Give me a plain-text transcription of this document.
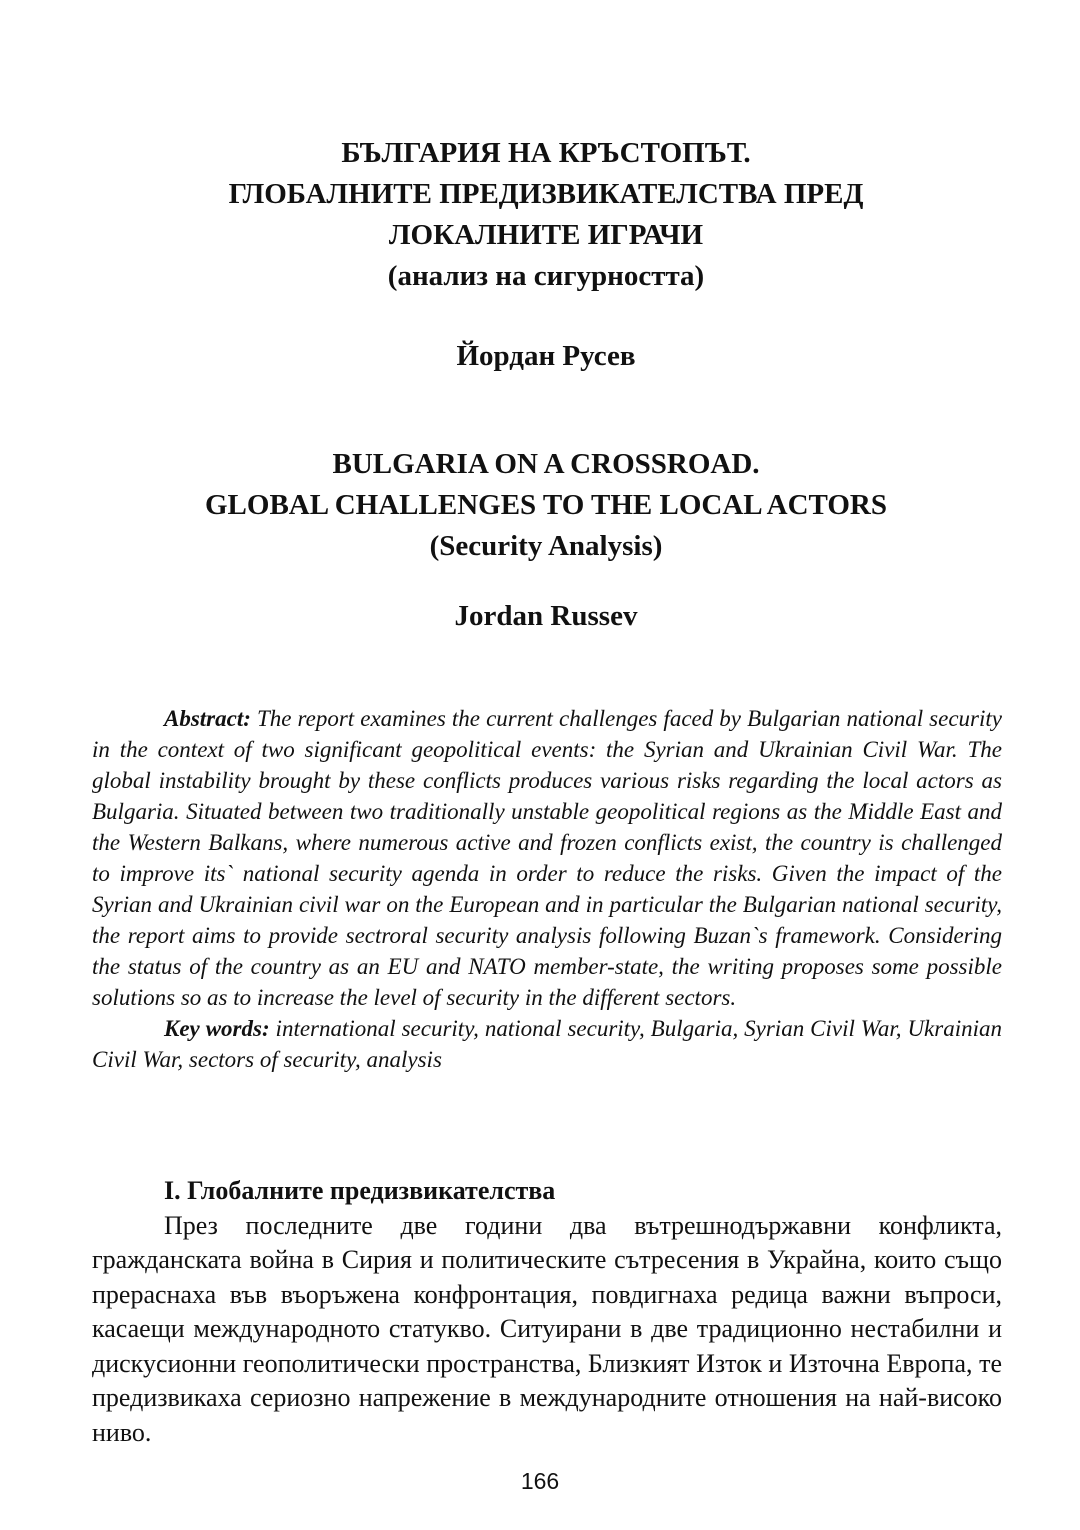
БЪЛГАРИЯ НА КРЪСТОПЪТ.
ГЛОБАЛНИТЕ ПРЕДИЗВИКАТЕЛСТВА ПРЕД
ЛОКАЛНИТЕ ИГРАЧИ
(анализ на сигурността)
Йордан Русев
BULGARIA ON A CROSSROAD.
GLOBAL CHALLENGES TO THE LOCAL ACTORS
(Security Analysis)
Jordan Russev

Abstract: The report examines the current challenges faced by Bulgarian national security in the context of two significant geopolitical events: the Syrian and Ukrainian Civil War. The global instability brought by these conflicts produces various risks regarding the local actors as Bulgaria. Situated between two traditionally unstable geopolitical regions as the Middle East and the Western Balkans, where numerous active and frozen conflicts exist, the country is challenged to improve its` national security agenda in order to reduce the risks. Given the impact of the Syrian and Ukrainian civil war on the European and in particular the Bulgarian national security, the report aims to provide sectroral security analysis following Buzan`s framework. Considering the status of the country as an EU and NATO member-state, the writing proposes some possible solutions so as to increase the level of security in the different sectors.

Key words: international security, national security, Bulgaria, Syrian Civil War, Ukrainian Civil War, sectors of security, analysis

I. Глобалните предизвикателства

През последните две години два вътрешнодържавни конфликта, гражданската война в Сирия и политическите сътресения в Украйна, които също прераснаха във въоръжена конфронтация, повдигнаха редица важни въпроси, касаещи международното статукво. Ситуирани в две традиционно нестабилни и дискусионни геополитически пространства, Близкият Изток и Източна Европа, те предизвикаха сериозно напрежение в международните отношения на най-високо ниво.

166
